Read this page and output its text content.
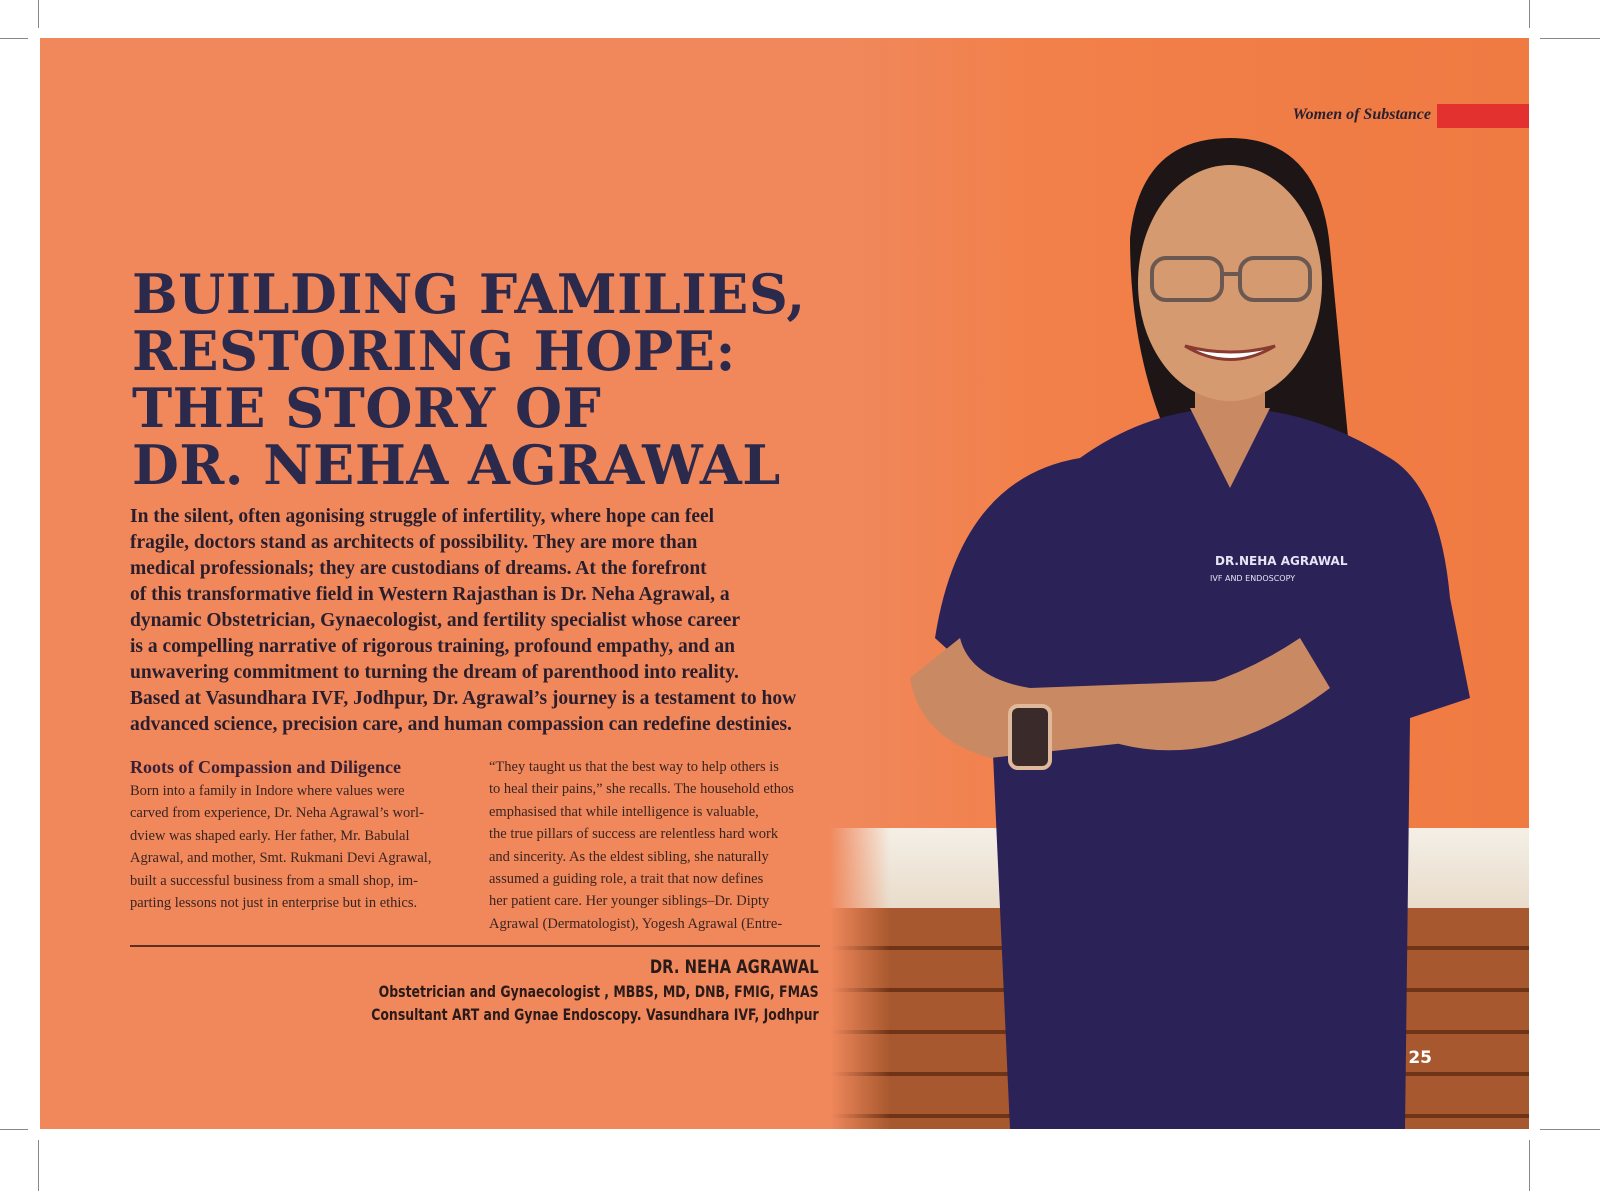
DR.NEHA AGRAWAL
IVF AND ENDOSCOPY
Women of Substance
BUILDING FAMILIES,
RESTORING HOPE:
THE STORY OF
DR. NEHA AGRAWAL
In the silent, often agonising struggle of infertility, where hope can feel
fragile, doctors stand as architects of possibility. They are more than
medical professionals; they are custodians of dreams. At the forefront
of this transformative field in Western Rajasthan is Dr. Neha Agrawal, a
dynamic Obstetrician, Gynaecologist, and fertility specialist whose career
is a compelling narrative of rigorous training, profound empathy, and an
unwavering commitment to turning the dream of parenthood into reality.
Based at Vasundhara IVF, Jodhpur, Dr. Agrawal’s journey is a testament to how
advanced science, precision care, and human compassion can redefine destinies.
Roots of Compassion and Diligence
Born into a family in Indore where values were
carved from experience, Dr. Neha Agrawal’s worl-
dview was shaped early. Her father, Mr. Babulal
Agrawal, and mother, Smt. Rukmani Devi Agrawal,
built a successful business from a small shop, im-
parting lessons not just in enterprise but in ethics.
“They taught us that the best way to help others is
to heal their pains,” she recalls. The household ethos
emphasised that while intelligence is valuable,
the true pillars of success are relentless hard work
and sincerity. As the eldest sibling, she naturally
assumed a guiding role, a trait that now defines
her patient care. Her younger siblings–Dr. Dipty
Agrawal (Dermatologist), Yogesh Agrawal (Entre-
DR. NEHA AGRAWAL
Obstetrician and Gynaecologist , MBBS, MD, DNB, FMIG, FMAS
Consultant ART and Gynae Endoscopy. Vasundhara IVF, Jodhpur
25
